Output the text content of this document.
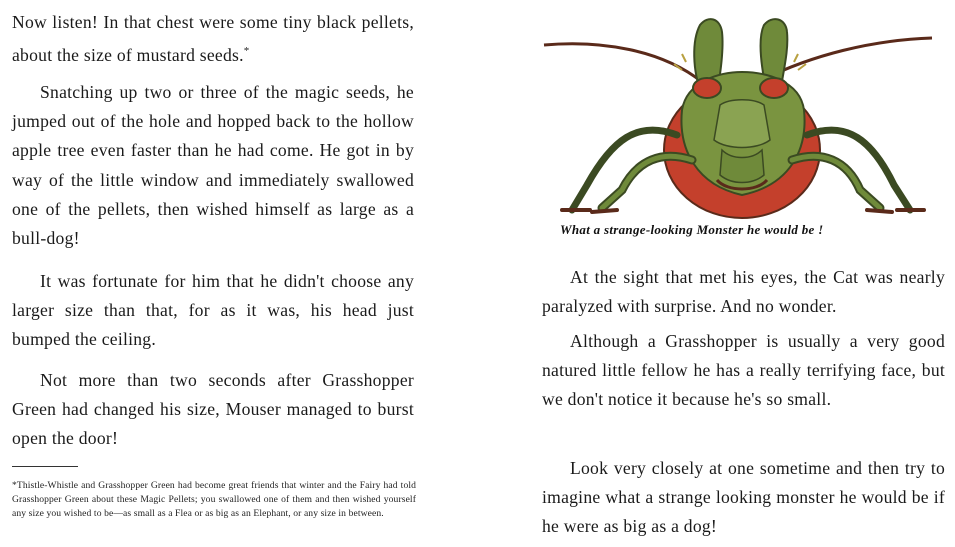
Now listen! In that chest were some tiny black pellets, about the size of mustard seeds.*

Snatching up two or three of the magic seeds, he jumped out of the hole and hopped back to the hollow apple tree even faster than he had come. He got in by way of the little window and immediately swallowed one of the pellets, then wished himself as large as a bull-dog!

It was fortunate for him that he didn't choose any larger size than that, for as it was, his head just bumped the ceiling.

Not more than two seconds after Grasshopper Green had changed his size, Mouser managed to burst open the door!

*Thistle-Whistle and Grasshopper Green had become great friends that winter and the Fairy had told Grasshopper Green about these Magic Pellets; you swallowed one of them and then wished yourself any size you wished to be—as small as a Flea or as big as an Elephant, or any size in between.

What a strange-looking Monster he would be !

At the sight that met his eyes, the Cat was nearly paralyzed with surprise. And no wonder.

Although a Grasshopper is usually a very good natured little fellow he has a really terrifying face, but we don't notice it because he's so small.

Look very closely at one sometime and then try to imagine what a strange looking monster he would be if he were as big as a dog!
